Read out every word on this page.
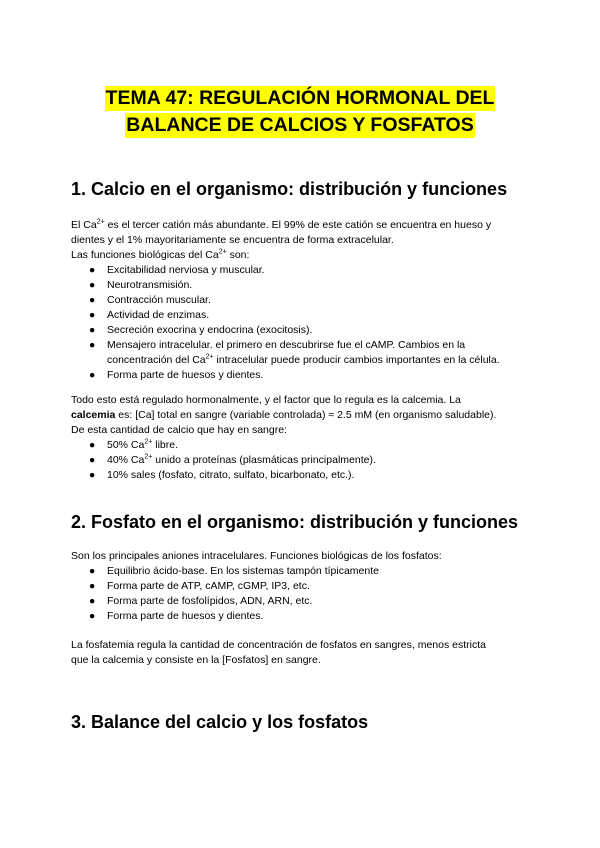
TEMA 47: REGULACIÓN HORMONAL DEL
BALANCE DE CALCIOS Y FOSFATOS
1. Calcio en el organismo: distribución y funciones
El $Ca^{2+}$ es el tercer catión más abundante. El 99% de este catión se encuentra en hueso y
dientes y el 1% mayoritariamente se encuentra de forma extracelular.
Las funciones biológicas del $Ca^{2+}$ son:
● Excitabilidad nerviosa y muscular.
● Neurotransmisión.
● Contracción muscular.
● Actividad de enzimas.
● Secreción exocrina y endocrina (exocitosis).
● Mensajero intracelular. el primero en descubrirse fue el cAMP. Cambios en la
concentración del $Ca^{2+}$ intracelular puede producir cambios importantes en la célula.
● Forma parte de huesos y dientes.
Todo esto está regulado hormonalmente, y el factor que lo regula es la calcemia. La
calcemia es: [Ca] total en sangre (variable controlada) ≈ 2.5 mM (en organismo saludable).
De esta cantidad de calcio que hay en sangre:
● 50% $Ca^{2+}$ libre.
● 40% $Ca^{2+}$ unido a proteínas (plasmáticas principalmente).
● 10% sales (fosfato, citrato, sulfato, bicarbonato, etc.).
2. Fosfato en el organismo: distribución y funciones
Son los principales aniones intracelulares. Funciones biológicas de los fosfatos:
● Equilibrio ácido-base. En los sistemas tampón típicamente
● Forma parte de ATP, cAMP, cGMP, IP3, etc.
● Forma parte de fosfolípidos, ADN, ARN, etc.
● Forma parte de huesos y dientes.
La fosfatemia regula la cantidad de concentración de fosfatos en sangres, menos estricta
que la calcemia y consiste en la [Fosfatos] en sangre.
3. Balance del calcio y los fosfatos
